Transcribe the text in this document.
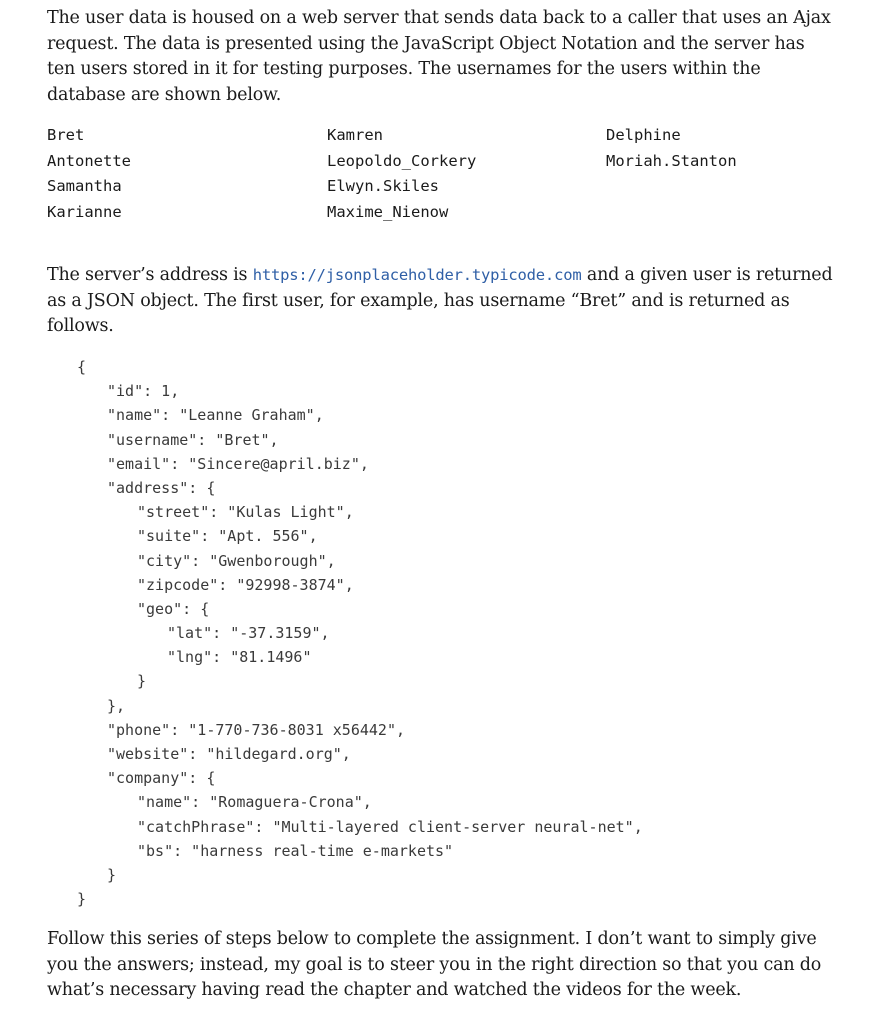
The user data is housed on a web server that sends data back to a caller that uses an Ajax request. The data is presented using the JavaScript Object Notation and the server has ten users stored in it for testing purposes. The usernames for the users within the database are shown below.

Bret
Antonette
Samantha
Karianne
Kamren
Leopoldo_Corkery
Elwyn.Skiles
Maxime_Nienow
Delphine
Moriah.Stanton

The server’s address is https://jsonplaceholder.typicode.com and a given user is returned as a JSON object. The first user, for example, has username “Bret” and is returned as follows.

{
"id": 1,
"name": "Leanne Graham",
"username": "Bret",
"email": "Sincere@april.biz",
"address": {
"street": "Kulas Light",
"suite": "Apt. 556",
"city": "Gwenborough",
"zipcode": "92998-3874",
"geo": {
"lat": "-37.3159",
"lng": "81.1496"
}
},
"phone": "1-770-736-8031 x56442",
"website": "hildegard.org",
"company": {
"name": "Romaguera-Crona",
"catchPhrase": "Multi-layered client-server neural-net",
"bs": "harness real-time e-markets"
}
}

Follow this series of steps below to complete the assignment. I don’t want to simply give you the answers; instead, my goal is to steer you in the right direction so that you can do what’s necessary having read the chapter and watched the videos for the week.
